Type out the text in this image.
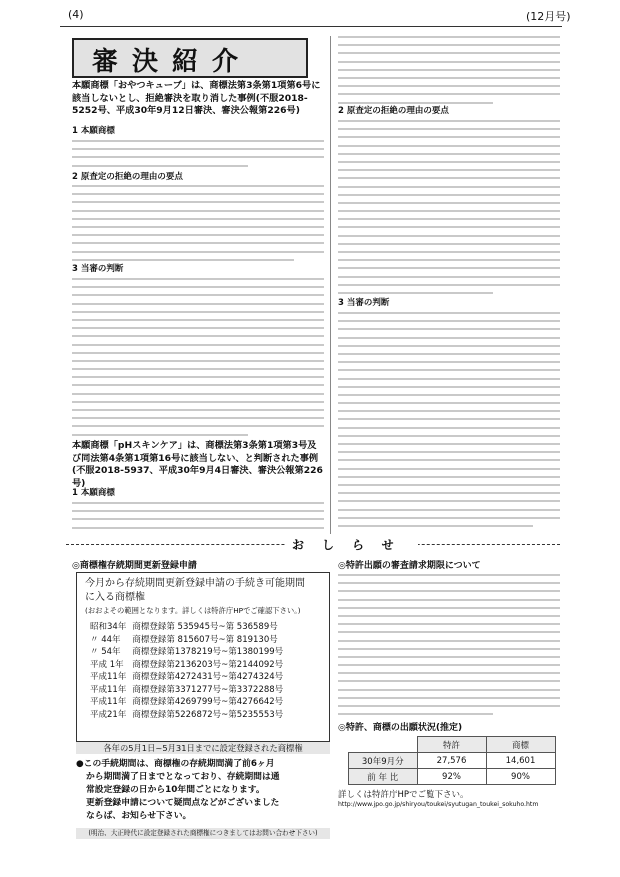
(4)	(12月号)
審決紹介
本願商標「おやつキューブ」は、商標法第3条第1項第6号に該当しないとし、拒絶審決を取り消した事例(不服2018-5252号、平成30年9月12日審決、審決公報第226号)
1 本願商標
2 原査定の拒絶の理由の要点
3 当審の判断
本願商標「pHスキンケア」は、商標法第3条第1項第3号及び同法第4条第1項第16号に該当しない、と判断された事例(不服2018-5937、平成30年9月4日審決、審決公報第226号)
1 本願商標
2 原査定の拒絶の理由の要点
3 当審の判断
おしらせ
◎商標権存続期間更新登録申請
今月から存続期間更新登録申請の手続き可能期間
に入る商標権
(おおよその範囲となります。詳しくは特許庁HPでご確認下さい。)
昭和34年	商標登録第 535945号~第 536589号
〃 44年	商標登録第 815607号~第 819130号
〃 54年	商標登録第1378219号~第1380199号
平成 1年	商標登録第2136203号~第2144092号
平成11年	商標登録第4272431号~第4274324号
平成11年	商標登録第3371277号~第3372288号
平成11年	商標登録第4269799号~第4276642号
平成21年	商標登録第5226872号~第5235553号
各年の5月1日~5月31日までに設定登録された商標権
●この手続期間は、商標権の存続期間満了前6ヶ月
から期間満了日までとなっており、存続期間は通
常設定登録の日から10年間ごとになります。
更新登録申請について疑問点などがございました
ならば、お知らせ下さい。
(明治、大正時代に設定登録された商標権につきましてはお問い合わせ下さい)
◎特許出願の審査請求期限について
◎特許、商標の出願状況(推定)
	特許	商標
30年9月分	27,576	14,601
前 年 比	92%	90%
詳しくは特許庁HPでご覧下さい。
http://www.jpo.go.jp/shiryou/toukei/syutugan_toukei_sokuho.htm
